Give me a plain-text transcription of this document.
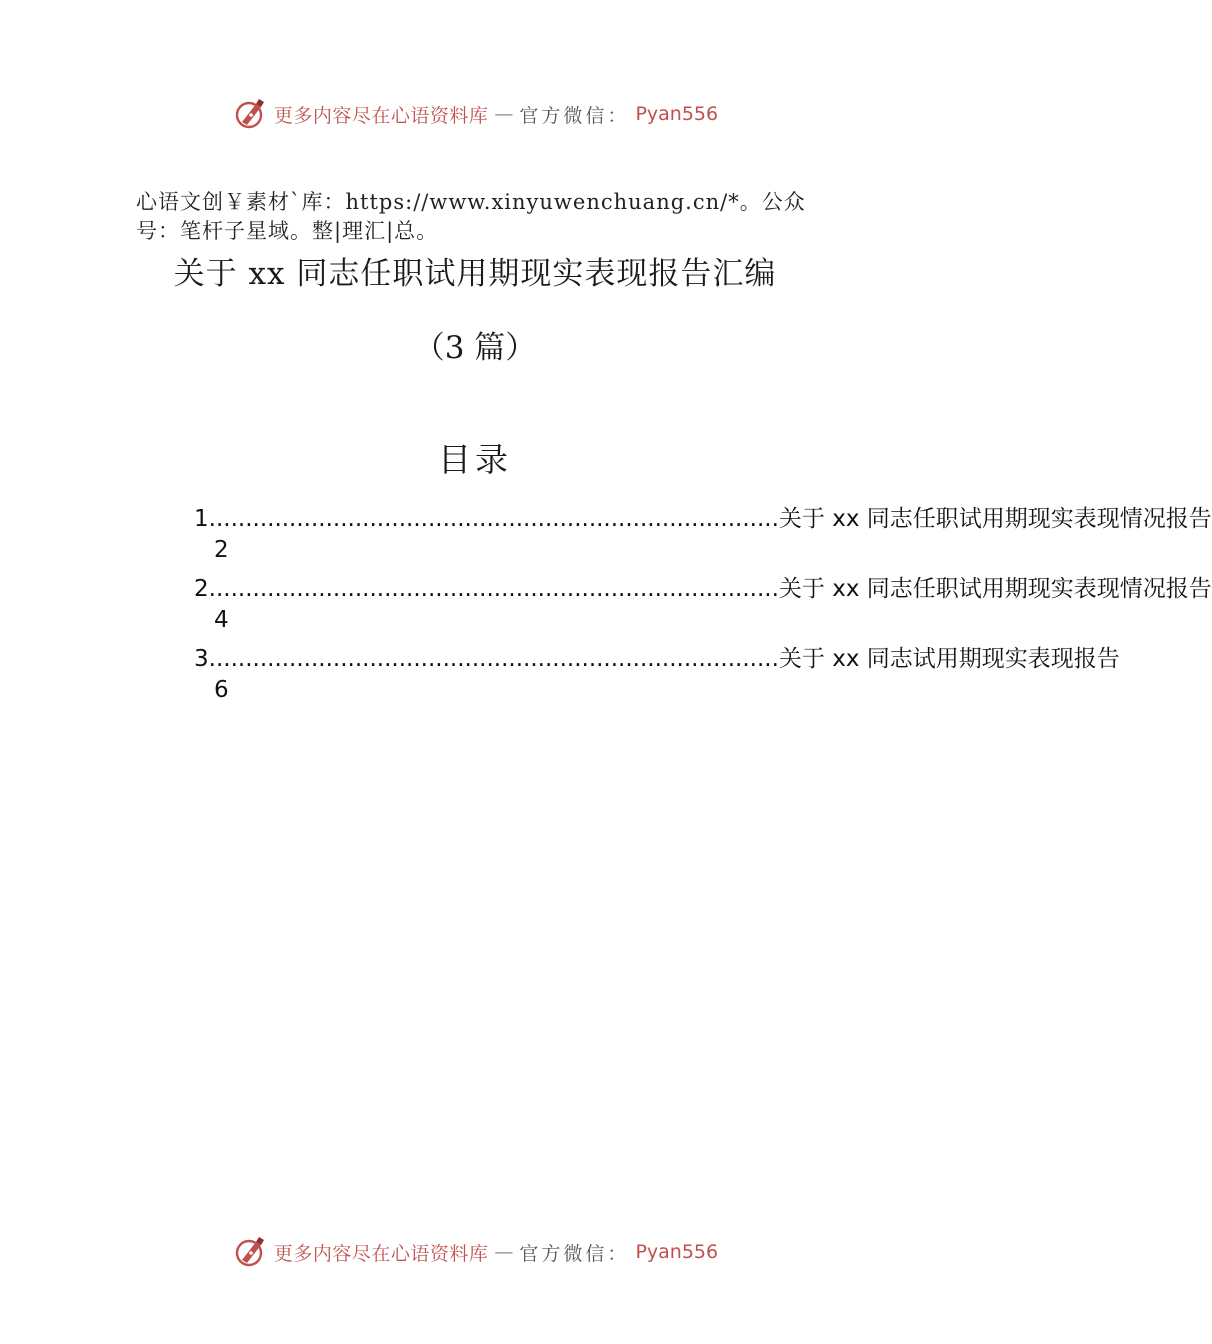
更多内容尽在心语资料库 — 官方微信： Pyan556
心语文创￥素材`库：https://www.xinyuwenchuang.cn/*。公众号：笔杆子星域。整|理汇|总。
关于 xx 同志任职试用期现实表现报告汇编
（3 篇）
目录
1 .............................................................................. 关于 xx 同志任职试用期现实表现情况报告
2
2 .............................................................................. 关于 xx 同志任职试用期现实表现情况报告
4
3 .............................................................................. 关于 xx 同志试用期现实表现报告
6
更多内容尽在心语资料库 — 官方微信： Pyan556
